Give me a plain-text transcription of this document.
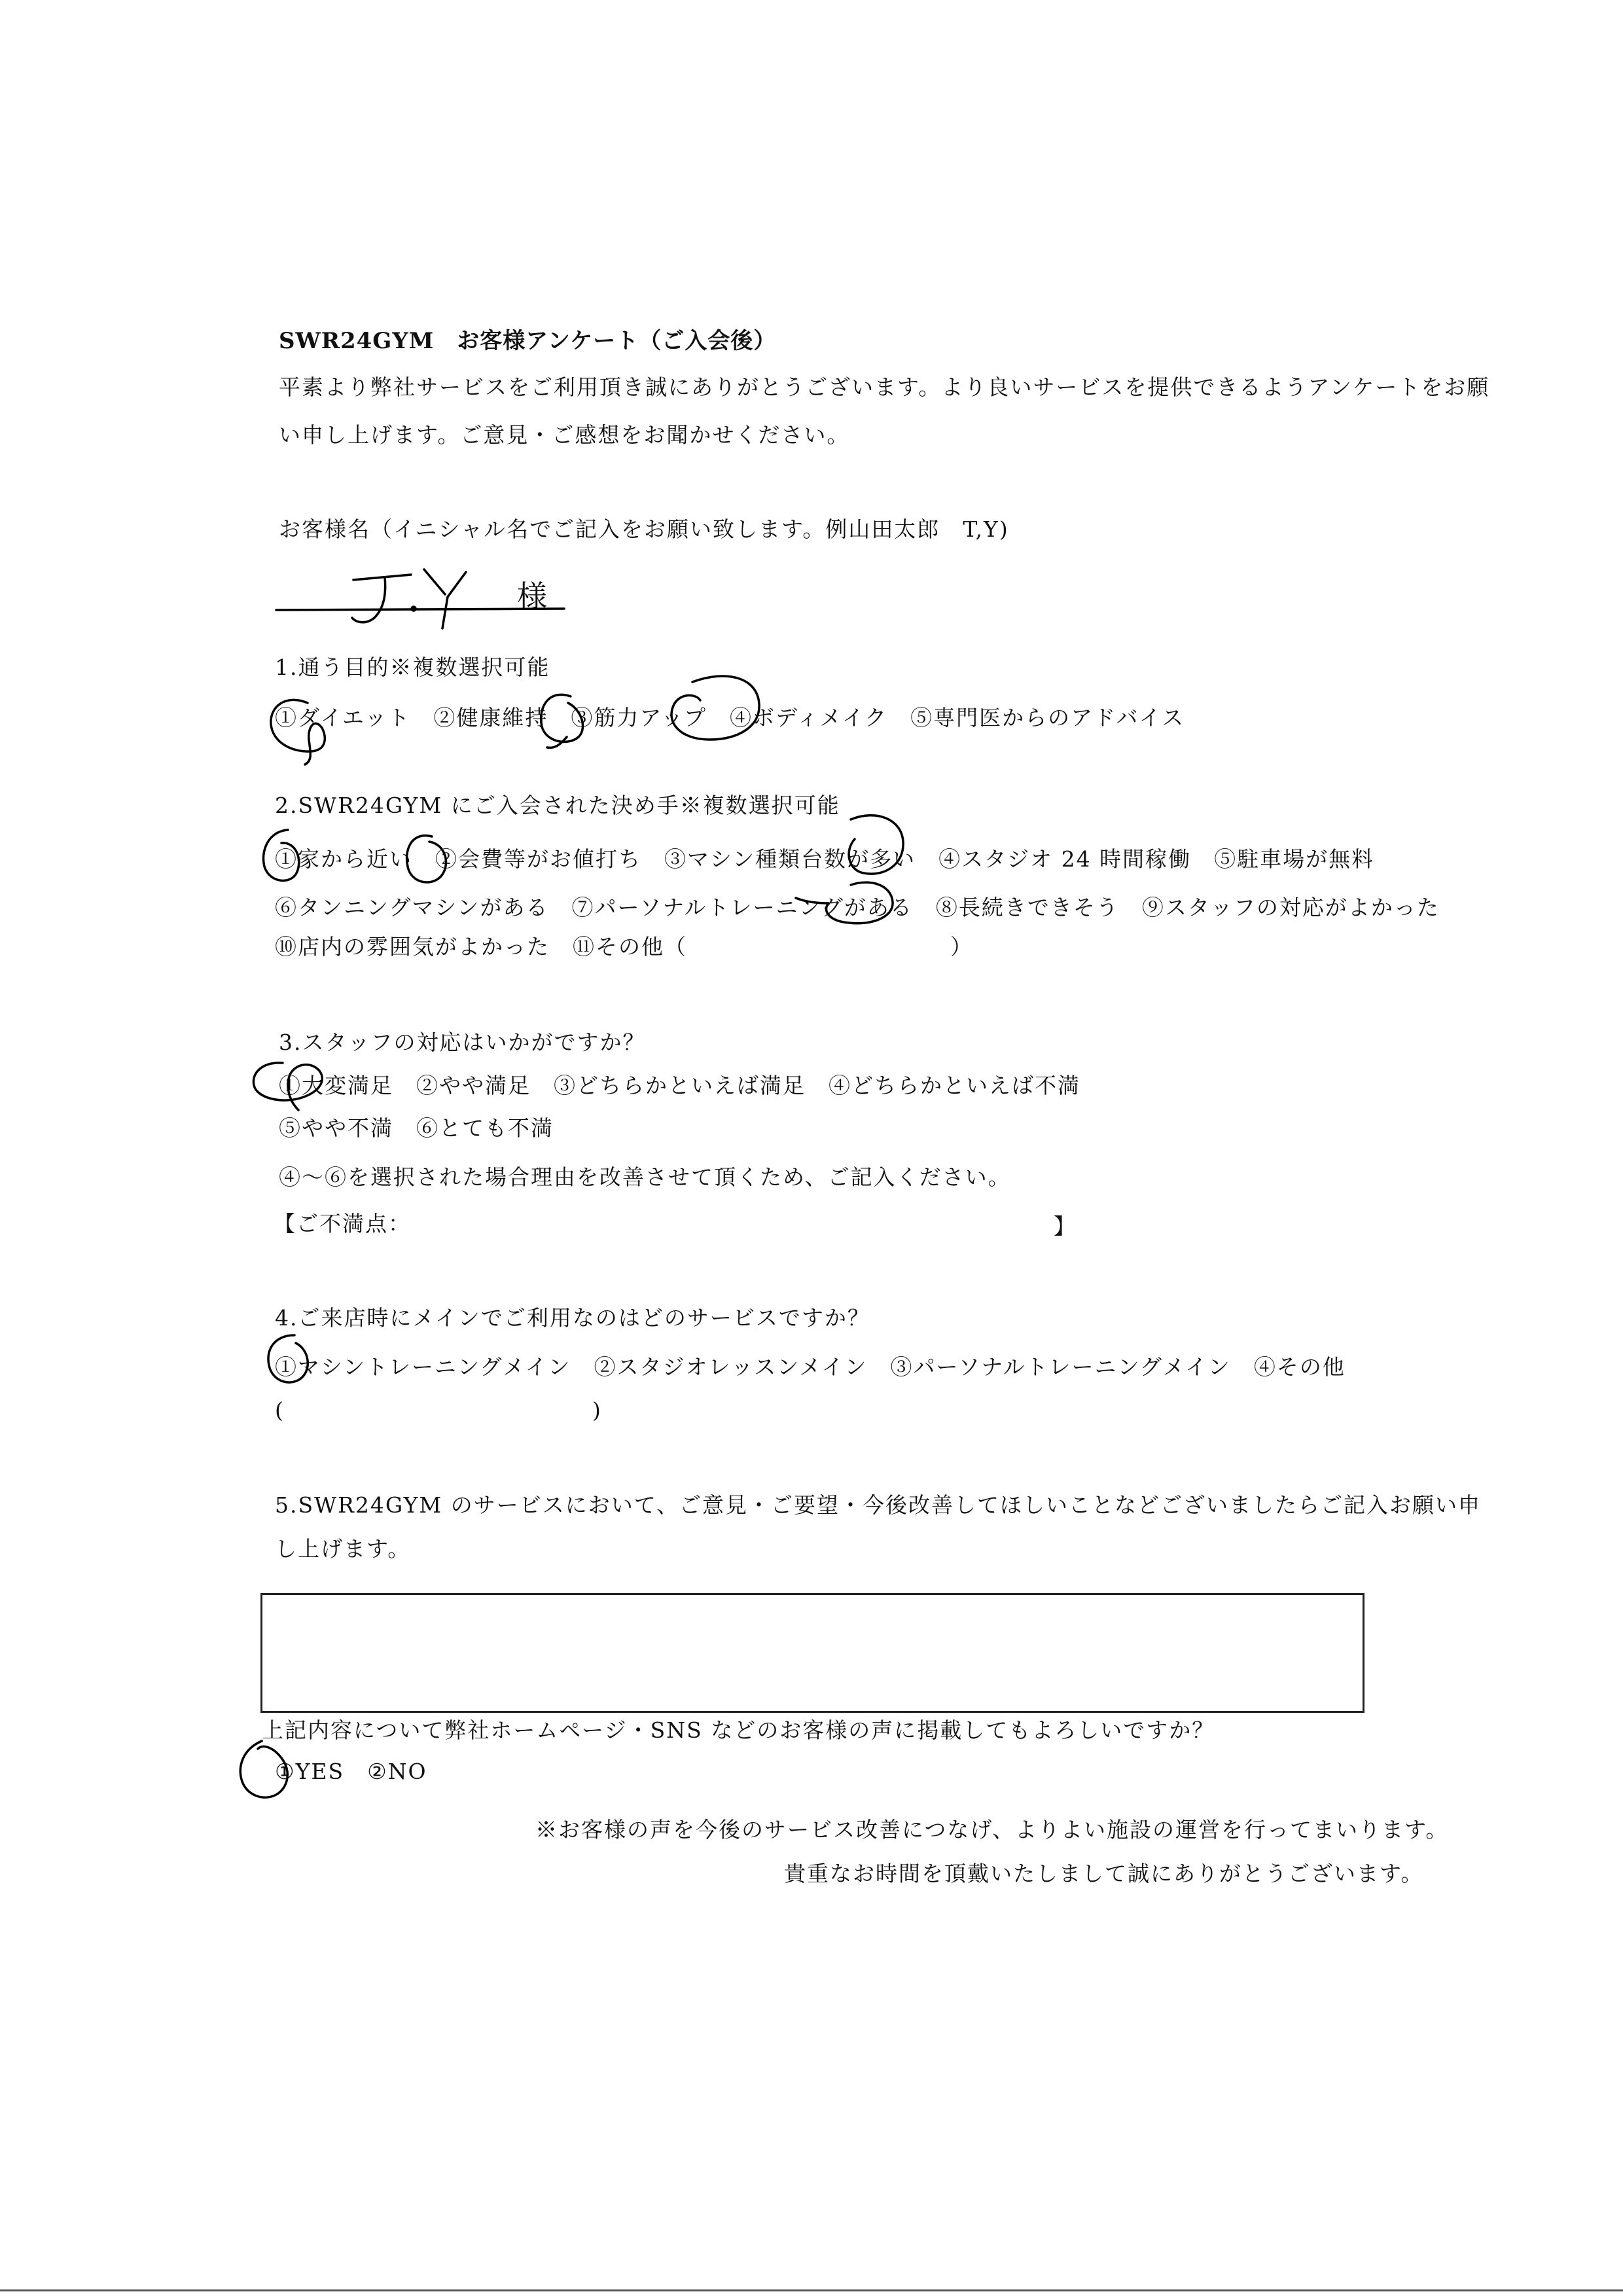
SWR24GYM　お客様アンケート（ご入会後）
平素より弊社サービスをご利用頂き誠にありがとうございます。より良いサービスを提供できるようアンケートをお願
い申し上げます。ご意見・ご感想をお聞かせください。
お客様名（イニシャル名でご記入をお願い致します。例山田太郎　T,Y)
様
1.通う目的※複数選択可能
①ダイエット　②健康維持　③筋力アップ　④ボディメイク　⑤専門医からのアドバイス
2.SWR24GYM にご入会された決め手※複数選択可能
①家から近い　②会費等がお値打ち　③マシン種類台数が多い　④スタジオ 24 時間稼働　⑤駐車場が無料
⑥タンニングマシンがある　⑦パーソナルトレーニングがある　⑧長続きできそう　⑨スタッフの対応がよかった
⑩店内の雰囲気がよかった　⑪その他（	）
3.スタッフの対応はいかがですか？
①大変満足　②やや満足　③どちらかといえば満足　④どちらかといえば不満
⑤やや不満　⑥とても不満
④～⑥を選択された場合理由を改善させて頂くため、ご記入ください。
【ご不満点：	】
4.ご来店時にメインでご利用なのはどのサービスですか？
①マシントレーニングメイン　②スタジオレッスンメイン　③パーソナルトレーニングメイン　④その他
(	)
5.SWR24GYM のサービスにおいて、ご意見・ご要望・今後改善してほしいことなどございましたらご記入お願い申
し上げます。
上記内容について弊社ホームページ・SNS などのお客様の声に掲載してもよろしいですか？
①YES　②NO
※お客様の声を今後のサービス改善につなげ、よりよい施設の運営を行ってまいります。
貴重なお時間を頂戴いたしまして誠にありがとうございます。
